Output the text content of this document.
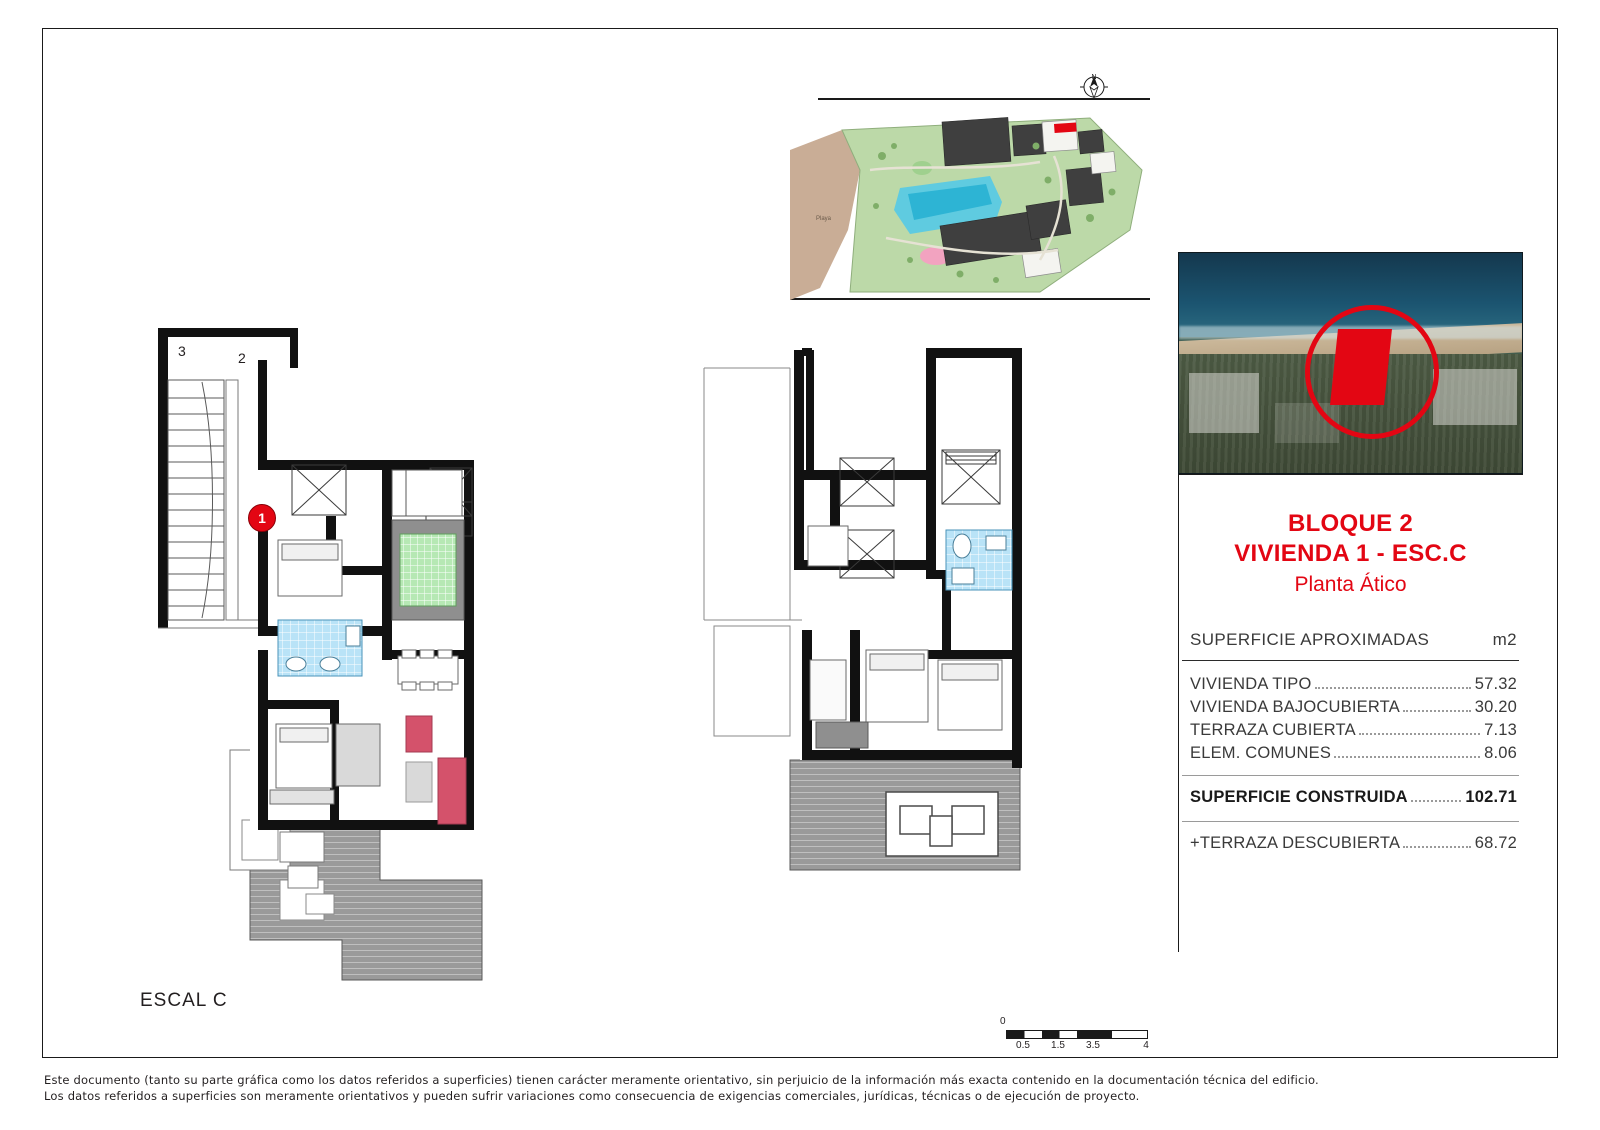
N
Playa
3	2
1
ESCAL C
0
0.5 1.5 3.5	4
BLOQUE 2
VIVIENDA 1 - ESC.C
Planta Ático
SUPERFICIE APROXIMADAS	m2
VIVIENDA TIPO	57.32
VIVIENDA BAJOCUBIERTA	30.20
TERRAZA CUBIERTA	7.13
ELEM. COMUNES	8.06
SUPERFICIE CONSTRUIDA	102.71
+TERRAZA DESCUBIERTA	68.72
Este documento (tanto su parte gráfica como los datos referidos a superficies) tienen carácter meramente orientativo, sin perjuicio de la información más exacta contenido en la documentación técnica del edificio.
Los datos referidos a superficies son meramente orientativos y pueden sufrir variaciones como consecuencia de exigencias comerciales, jurídicas, técnicas o de ejecución de proyecto.
